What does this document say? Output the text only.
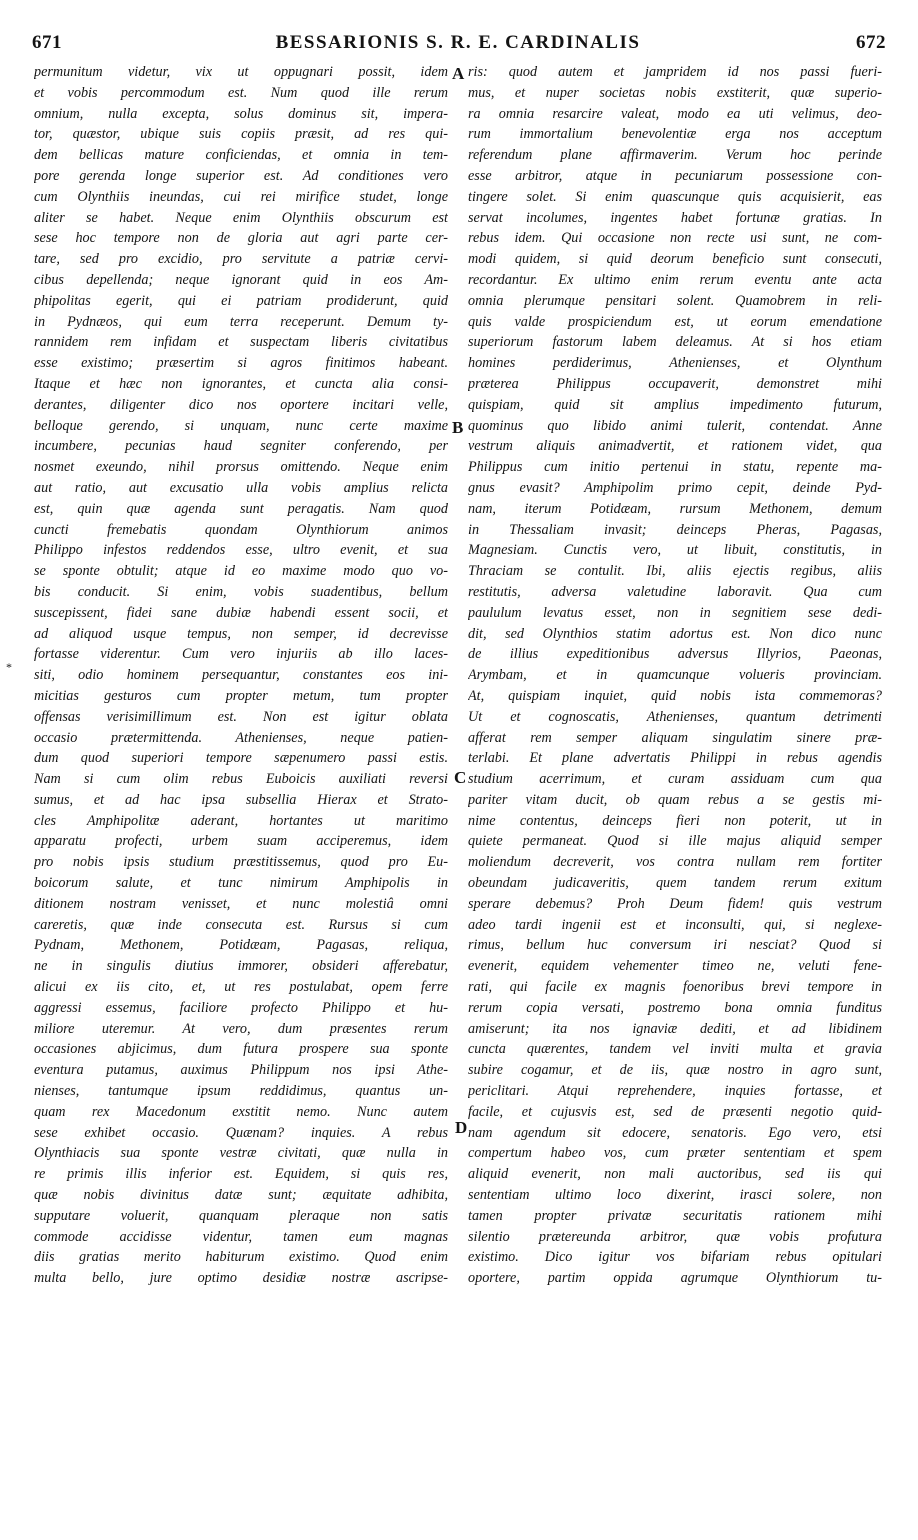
671	BESSARIONIS S. R. E. CARDINALIS	672
permunitum videtur, vix ut oppugnari possit, idem
et vobis percommodum est. Num quod ille rerum
omnium, nulla excepta, solus dominus sit, impera-
tor, quæstor, ubique suis copiis præsit, ad res qui-
dem bellicas mature conficiendas, et omnia in tem-
pore gerenda longe superior est. Ad conditiones vero
cum Olynthiis ineundas, cui rei mirifice studet, longe
aliter se habet. Neque enim Olynthiis obscurum est
sese hoc tempore non de gloria aut agri parte cer-
tare, sed pro excidio, pro servitute a patriæ cervi-
cibus depellenda; neque ignorant quid in eos Am-
phipolitas egerit, qui ei patriam prodiderunt, quid
in Pydnæos, qui eum terra receperunt. Demum ty-
rannidem rem infidam et suspectam liberis civitatibus
esse existimo; præsertim si agros finitimos habeant.
Itaque et hæc non ignorantes, et cuncta alia consi-
derantes, diligenter dico nos oportere incitari velle,
belloque gerendo, si unquam, nunc certe maxime
incumbere, pecunias haud segniter conferendo, per
nosmet exeundo, nihil prorsus omittendo. Neque enim
aut ratio, aut excusatio ulla vobis amplius relicta
est, quin quæ agenda sunt peragatis. Nam quod
cuncti fremebatis quondam Olynthiorum animos
Philippo infestos reddendos esse, ultro evenit, et sua
se sponte obtulit; atque id eo maxime modo quo vo-
bis conducit. Si enim, vobis suadentibus, bellum
suscepissent, fidei sane dubiæ habendi essent socii, et
ad aliquod usque tempus, non semper, id decrevisse
fortasse viderentur. Cum vero injuriis ab illo laces-
siti, odio hominem persequantur, constantes eos ini-
micitias gesturos cum propter metum, tum propter
offensas verisimillimum est. Non est igitur oblata
occasio prætermittenda. Athenienses, neque patien-
dum quod superiori tempore sæpenumero passi estis.
Nam si cum olim rebus Euboicis auxiliati reversi
sumus, et ad hac ipsa subsellia Hierax et Strato-
cles Amphipolitæ aderant, hortantes ut maritimo
apparatu profecti, urbem suam acciperemus, idem
pro nobis ipsis studium præstitissemus, quod pro Eu-
boicorum salute, et tunc nimirum Amphipolis in
ditionem nostram venisset, et nunc molestiâ omni
careretis, quæ inde consecuta est. Rursus si cum
Pydnam, Methonem, Potidæam, Pagasas, reliqua,
ne in singulis diutius immorer, obsideri afferebatur,
alicui ex iis cito, et, ut res postulabat, opem ferre
aggressi essemus, faciliore profecto Philippo et hu-
miliore uteremur. At vero, dum præsentes rerum
occasiones abjicimus, dum futura prospere sua sponte
eventura putamus, auximus Philippum nos ipsi Athe-
nienses, tantumque ipsum reddidimus, quantus un-
quam rex Macedonum exstitit nemo. Nunc autem
sese exhibet occasio. Quænam? inquies. A rebus
Olynthiacis sua sponte vestræ civitati, quæ nulla in
re primis illis inferior est. Equidem, si quis res,
quæ nobis divinitus datæ sunt; æquitate adhibita,
supputare voluerit, quanquam pleraque non satis
commode accidisse videntur, tamen eum magnas
diis gratias merito habiturum existimo. Quod enim
multa bello, jure optimo desidiæ nostræ ascripse-
ris: quod autem et jampridem id nos passi fueri-
mus, et nuper societas nobis exstiterit, quæ superio-
ra omnia resarcire valeat, modo ea uti velimus, deo-
rum immortalium benevolentiæ erga nos acceptum
referendum plane affirmaverim. Verum hoc perinde
esse arbitror, atque in pecuniarum possessione con-
tingere solet. Si enim quascunque quis acquisierit, eas
servat incolumes, ingentes habet fortunæ gratias. In
rebus idem. Qui occasione non recte usi sunt, ne com-
modi quidem, si quid deorum beneficio sunt consecuti,
recordantur. Ex ultimo enim rerum eventu ante acta
omnia plerumque pensitari solent. Quamobrem in reli-
quis valde prospiciendum est, ut eorum emendatione
superiorum fastorum labem deleamus. At si hos etiam
homines perdiderimus, Athenienses, et Olynthum
præterea Philippus occupaverit, demonstret mihi
quispiam, quid sit amplius impedimento futurum,
quominus quo libido animi tulerit, contendat. Anne
vestrum aliquis animadvertit, et rationem videt, qua
Philippus cum initio pertenui in statu, repente ma-
gnus evasit? Amphipolim primo cepit, deinde Pyd-
nam, iterum Potidæam, rursum Methonem, demum
in Thessaliam invasit; deinceps Pheras, Pagasas,
Magnesiam. Cunctis vero, ut libuit, constitutis, in
Thraciam se contulit. Ibi, aliis ejectis regibus, aliis
restitutis, adversa valetudine laboravit. Qua cum
paululum levatus esset, non in segnitiem sese dedi-
dit, sed Olynthios statim adortus est. Non dico nunc
de illius expeditionibus adversus Illyrios, Paeonas,
Arymbam, et in quamcunque volueris provinciam.
At, quispiam inquiet, quid nobis ista commemoras?
Ut et cognoscatis, Athenienses, quantum detrimenti
afferat rem semper aliquam singulatim sinere præ-
terlabi. Et plane advertatis Philippi in rebus agendis
studium acerrimum, et curam assiduam cum qua
pariter vitam ducit, ob quam rebus a se gestis mi-
nime contentus, deinceps fieri non poterit, ut in
quiete permaneat. Quod si ille majus aliquid semper
moliendum decreverit, vos contra nullam rem fortiter
obeundam judicaveritis, quem tandem rerum exitum
sperare debemus? Proh Deum fidem! quis vestrum
adeo tardi ingenii est et inconsulti, qui, si neglexe-
rimus, bellum huc conversum iri nesciat? Quod si
evenerit, equidem vehementer timeo ne, veluti fene-
rati, qui facile ex magnis foenoribus brevi tempore in
rerum copia versati, postremo bona omnia funditus
amiserunt; ita nos ignaviæ dediti, et ad libidinem
cuncta quærentes, tandem vel inviti multa et gravia
subire cogamur, et de iis, quæ nostro in agro sunt,
periclitari. Atqui reprehendere, inquies fortasse, et
facile, et cujusvis est, sed de præsenti negotio quid-
nam agendum sit edocere, senatoris. Ego vero, etsi
compertum habeo vos, cum præter sententiam et spem
aliquid evenerit, non mali auctoribus, sed iis qui
sententiam ultimo loco dixerint, irasci solere, non
tamen propter privatæ securitatis rationem mihi
silentio prætereunda arbitror, quæ vobis profutura
existimo. Dico igitur vos bifariam rebus opitulari
oportere, partim oppida agrumque Olynthiorum tu-
A
B
C
D
*
